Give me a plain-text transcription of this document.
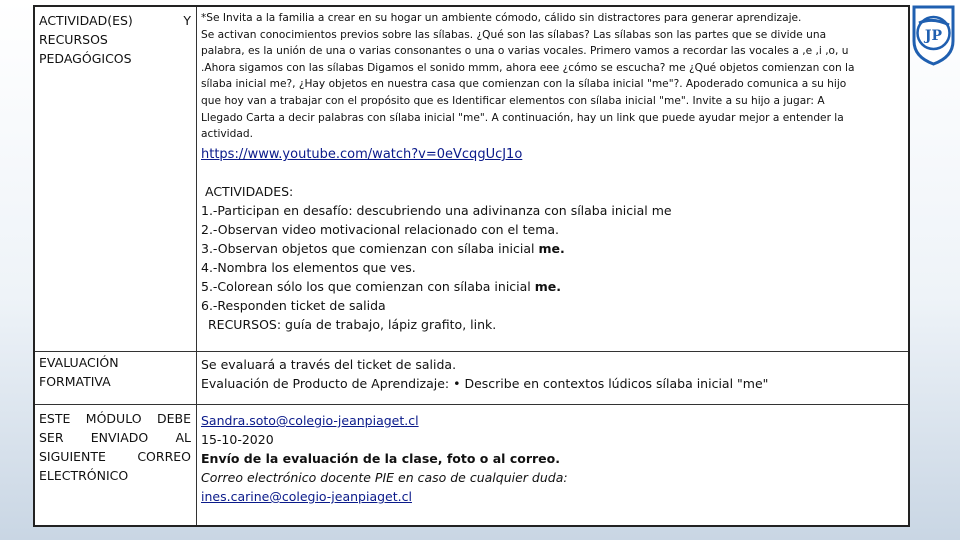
ACTIVIDAD(ES)	Y
RECURSOS
PEDAGÓGICOS
EVALUACIÓN
FORMATIVA
ESTE MÓDULO DEBE
SER ENVIADO AL
SIGUIENTE	CORREO
ELECTRÓNICO
*Se Invita a la familia a crear en su hogar un ambiente cómodo, cálido sin distractores para generar aprendizaje.
Se activan conocimientos previos sobre las sílabas. ¿Qué son las sílabas? Las sílabas son las partes que se divide una
palabra, es la unión de una o varias consonantes o una o varias vocales. Primero vamos a recordar las vocales a ,e ,i ,o, u
.Ahora sigamos con las sílabas Digamos el sonido mmm, ahora eee ¿cómo se escucha? me ¿Qué objetos comienzan con la
sílaba inicial me?, ¿Hay objetos en nuestra casa que comienzan con la sílaba inicial "me"?. Apoderado comunica a su hijo
que hoy van a trabajar con el propósito que es Identificar elementos con sílaba inicial "me". Invite a su hijo a jugar: A
Llegado Carta a decir palabras con sílaba inicial "me". A continuación, hay un link que puede ayudar mejor a entender la
actividad.
https://www.youtube.com/watch?v=0eVcqgUcJ1o
ACTIVIDADES:
1.-Participan en desafío: descubriendo una adivinanza con sílaba inicial me
2.-Observan video motivacional relacionado con el tema.
3.-Observan objetos que comienzan con sílaba inicial me.
4.-Nombra los elementos que ves.
5.-Colorean sólo los que comienzan con sílaba inicial me.
6.-Responden ticket de salida
RECURSOS: guía de trabajo, lápiz grafito, link.
Se evaluará a través del ticket de salida.
Evaluación de Producto de Aprendizaje: • Describe en contextos lúdicos sílaba inicial "me"
Sandra.soto@colegio-jeanpiaget.cl
15-10-2020
Envío de la evaluación de la clase, foto o al correo.
Correo electrónico docente PIE en caso de cualquier duda:
ines.carine@colegio-jeanpiaget.cl
JP
